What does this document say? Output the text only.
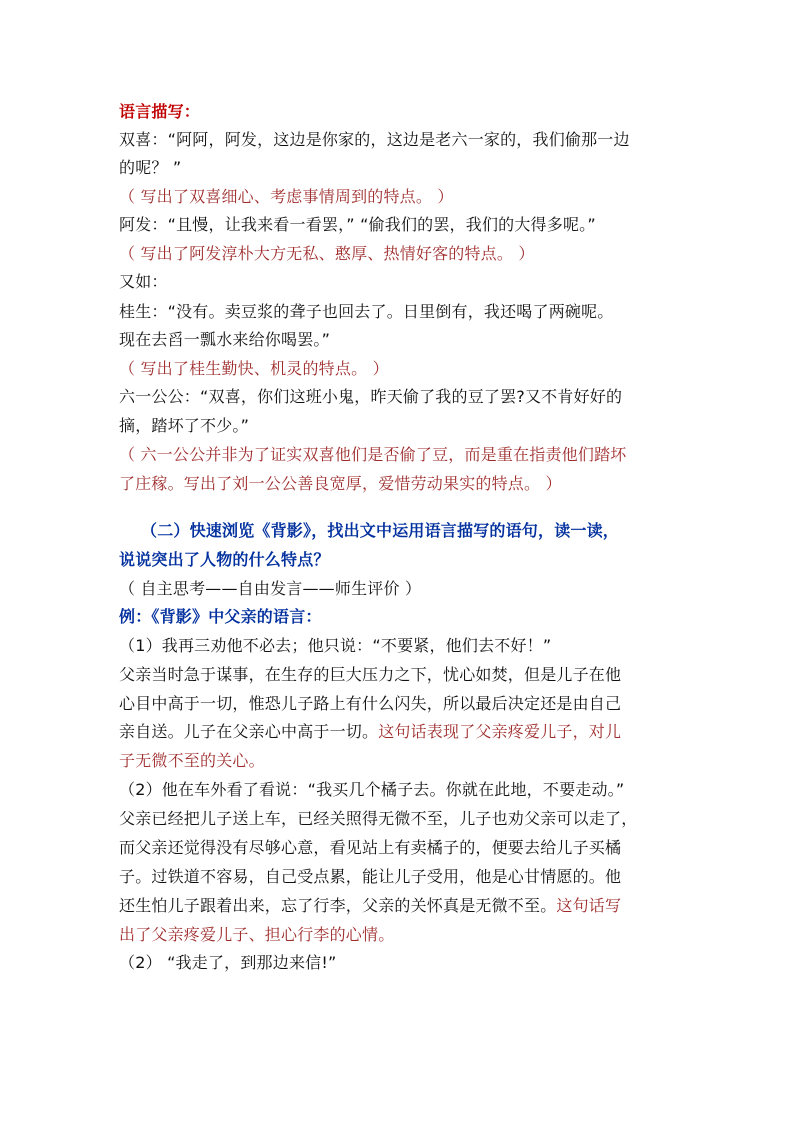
语言描写：
双喜：“阿阿，阿发，这边是你家的，这边是老六一家的，我们偷那一边
的呢？ ”
（ 写出了双喜细心、考虑事情周到的特点。 ）
阿发：“且慢，让我来看一看罢，” “偷我们的罢，我们的大得多呢。”
（ 写出了阿发淳朴大方无私、憨厚、热情好客的特点。 ）
又如：
桂生：“没有。卖豆浆的聋子也回去了。日里倒有，我还喝了两碗呢。
现在去舀一瓢水来给你喝罢。”
（ 写出了桂生勤快、机灵的特点。 ）
六一公公：“双喜，你们这班小鬼，昨天偷了我的豆了罢?又不肯好好的
摘，踏坏了不少。”
（ 六一公公并非为了证实双喜他们是否偷了豆，而是重在指责他们踏坏
了庄稼。写出了刘一公公善良宽厚，爱惜劳动果实的特点。 ）
（二）快速浏览《背影》，找出文中运用语言描写的语句，读一读，
说说突出了人物的什么特点？
（ 自主思考——自由发言——师生评价 ）
例：《背影》中父亲的语言：
（1）我再三劝他不必去；他只说：“不要紧，他们去不好！”
父亲当时急于谋事，在生存的巨大压力之下，忧心如焚，但是儿子在他
心目中高于一切，惟恐儿子路上有什么闪失，所以最后决定还是由自己
亲自送。儿子在父亲心中高于一切。这句话表现了父亲疼爱儿子，对儿
子无微不至的关心。
（2）他在车外看了看说：“我买几个橘子去。你就在此地，不要走动。”
父亲已经把儿子送上车，已经关照得无微不至，儿子也劝父亲可以走了，
而父亲还觉得没有尽够心意，看见站上有卖橘子的，便要去给儿子买橘
子。过铁道不容易，自己受点累，能让儿子受用，他是心甘情愿的。他
还生怕儿子跟着出来，忘了行李，父亲的关怀真是无微不至。这句话写
出了父亲疼爱儿子、担心行李的心情。
（2） “我走了，到那边来信!”
